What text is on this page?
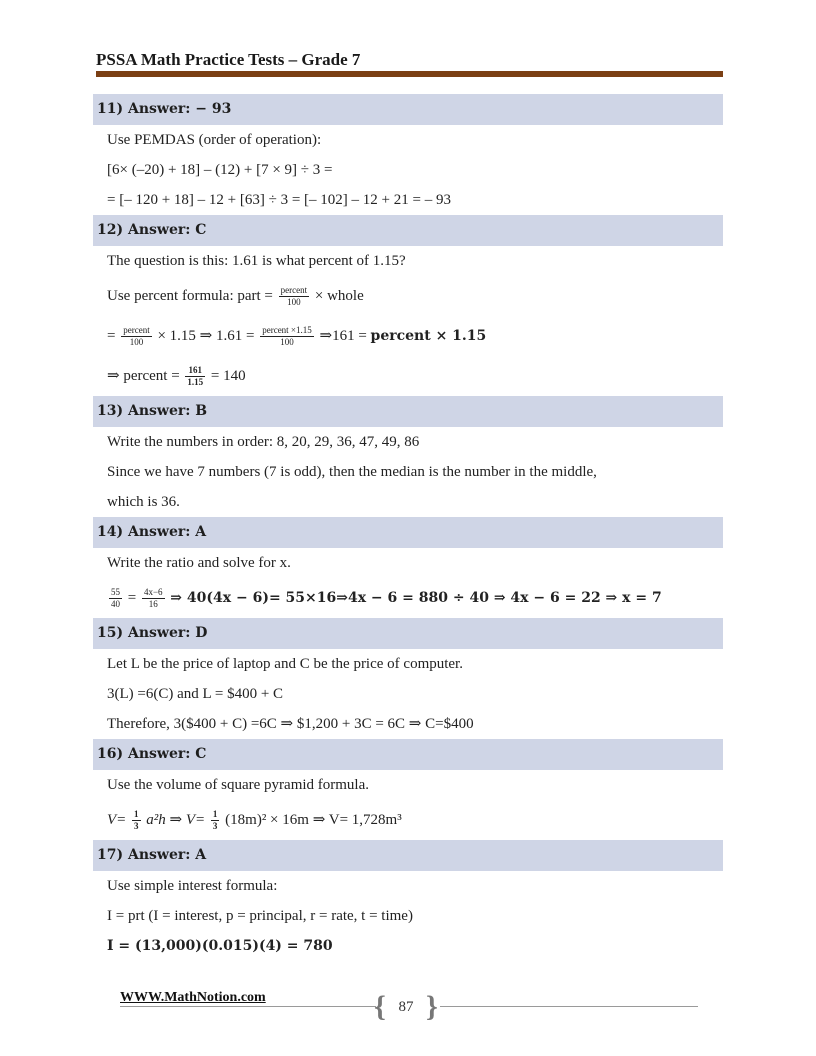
PSSA Math Practice Tests – Grade 7
11) Answer: − 93
Use PEMDAS (order of operation):
[6× (–20) + 18] – (12) + [7 × 9] ÷ 3 =
= [– 120 + 18] – 12 + [63] ÷ 3 = [– 102] – 12 + 21 = – 93
12) Answer: C
The question is this: 1.61 is what percent of 1.15?
Use percent formula: part = $\frac{\text{percent}}{100}$ × whole
= $\frac{\text{percent}}{100} \times 1.15$ ⇒ $1.61 = \frac{\text{percent ×1.15}}{100}$ ⇒161 = percent × 1.15
⇒ percent = $\frac{161}{1.15} = 140$
13) Answer: B
Write the numbers in order: 8, 20, 29, 36, 47, 49, 86
Since we have 7 numbers (7 is odd), then the median is the number in the middle,
which is 36.
14) Answer: A
Write the ratio and solve for x.
$\frac{55}{40} = \frac{4x-6}{16}$ ⇒ 40(4x − 6)= 55×16⇒4x − 6 = 880 ÷ 40 ⇒ 4x − 6 = 22 ⇒ x = 7
15) Answer: D
Let L be the price of laptop and C be the price of computer.
3(L) =6(C) and L = $400 + C
Therefore, 3($400 + C) =6C ⇒ $1,200 + 3C = 6C ⇒ C=$400
16) Answer: C
Use the volume of square pyramid formula.
$V= \frac{1}{3} a^2h$ ⇒ $V= \frac{1}{3} (18m)^2 \times 16m$ ⇒ V= 1,728m³
17) Answer: A
Use simple interest formula:
I = prt (I = interest, p = principal, r = rate, t = time)
I = (13,000)(0.015)(4) = 780
WWW.MathNotion.com	{ }
87
